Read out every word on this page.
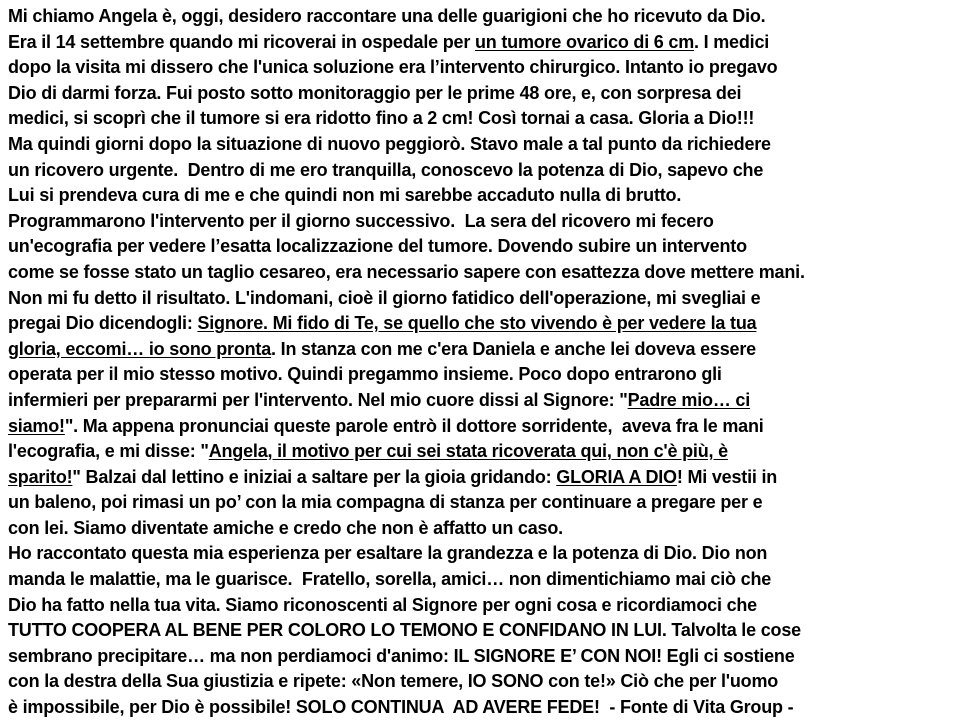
Mi chiamo Angela è, oggi, desidero raccontare una delle guarigioni che ho ricevuto da Dio.
Era il 14 settembre quando mi ricoverai in ospedale per un tumore ovarico di 6 cm. I medici
dopo la visita mi dissero che l'unica soluzione era l’intervento chirurgico. Intanto io pregavo
Dio di darmi forza. Fui posto sotto monitoraggio per le prime 48 ore, e, con sorpresa dei
medici, si scoprì che il tumore si era ridotto fino a 2 cm! Così tornai a casa. Gloria a Dio!!!
Ma quindi giorni dopo la situazione di nuovo peggiorò. Stavo male a tal punto da richiedere
un ricovero urgente.  Dentro di me ero tranquilla, conoscevo la potenza di Dio, sapevo che
Lui si prendeva cura di me e che quindi non mi sarebbe accaduto nulla di brutto.
Programmarono l'intervento per il giorno successivo.  La sera del ricovero mi fecero
un'ecografia per vedere l’esatta localizzazione del tumore. Dovendo subire un intervento
come se fosse stato un taglio cesareo, era necessario sapere con esattezza dove mettere mani.
Non mi fu detto il risultato. L'indomani, cioè il giorno fatidico dell'operazione, mi svegliai e
pregai Dio dicendogli: Signore. Mi fido di Te, se quello che sto vivendo è per vedere la tua
gloria, eccomi… io sono pronta. In stanza con me c'era Daniela e anche lei doveva essere
operata per il mio stesso motivo. Quindi pregammo insieme. Poco dopo entrarono gli
infermieri per prepararmi per l'intervento. Nel mio cuore dissi al Signore: "Padre mio… ci
siamo!". Ma appena pronunciai queste parole entrò il dottore sorridente,  aveva fra le mani
l'ecografia, e mi disse: "Angela, il motivo per cui sei stata ricoverata qui, non c'è più, è
sparito!" Balzai dal lettino e iniziai a saltare per la gioia gridando: GLORIA A DIO! Mi vestii in
un baleno, poi rimasi un po’ con la mia compagna di stanza per continuare a pregare per e
con lei. Siamo diventate amiche e credo che non è affatto un caso.
Ho raccontato questa mia esperienza per esaltare la grandezza e la potenza di Dio. Dio non
manda le malattie, ma le guarisce.  Fratello, sorella, amici… non dimentichiamo mai ciò che
Dio ha fatto nella tua vita. Siamo riconoscenti al Signore per ogni cosa e ricordiamoci che
TUTTO COOPERA AL BENE PER COLORO LO TEMONO E CONFIDANO IN LUI. Talvolta le cose
sembrano precipitare… ma non perdiamoci d'animo: IL SIGNORE E’ CON NOI! Egli ci sostiene
con la destra della Sua giustizia e ripete: «Non temere, IO SONO con te!» Ciò che per l'uomo
è impossibile, per Dio è possibile! SOLO CONTINUA  AD AVERE FEDE!  - Fonte di Vita Group -
